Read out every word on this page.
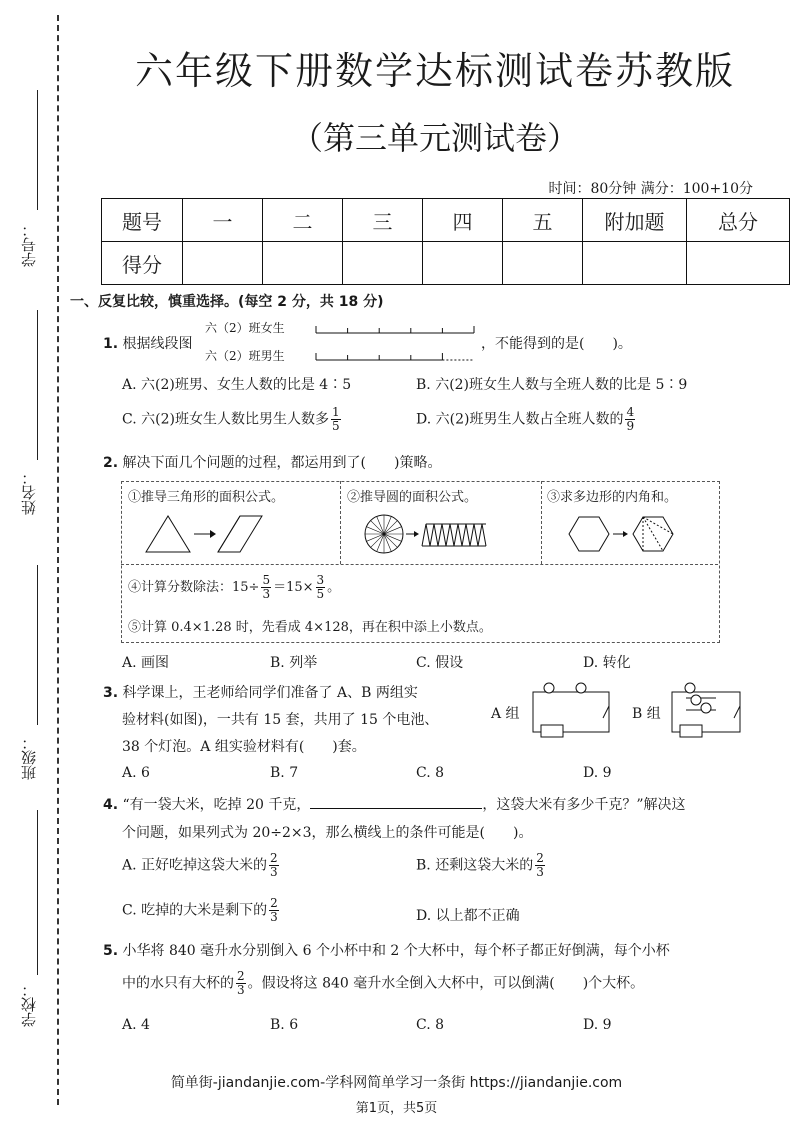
学号：
姓名：
班级：
学校：
六年级下册数学达标测试卷苏教版
（第三单元测试卷）
时间：80分钟 满分：100+10分
题号	一	二	三	四	五	附加题	总分
得分							
一、反复比较，慎重选择。(每空 2 分，共 18 分)
1. 根据线段图
六（2）班女生
六（2）班男生
，不能得到的是(　　)。
A. 六(2)班男、女生人数的比是 4∶5	B. 六(2)班女生人数与全班人数的比是 5∶9
C. 六(2)班女生人数比男生人数多 $\frac{1}{5}$	D. 六(2)班男生人数占全班人数的 $\frac{4}{9}$
2. 解决下面几个问题的过程，都运用到了(　　)策略。
①推导三角形的面积公式。	②推导圆的面积公式。	③求多边形的内角和。
④计算分数除法：$15\div \frac{5}{3} =15\times \frac{3}{5}$ 。
⑤计算 0.4×1.28 时，先看成 4×128，再在积中添上小数点。
A. 画图	B. 列举	C. 假设	D. 转化
3. 科学课上，王老师给同学们准备了 A、B 两组实
验材料(如图)，一共有 15 套，共用了 15 个电池、
38 个灯泡。A 组实验材料有(　　)套。
A 组	B 组
A. 6	B. 7	C. 8	D. 9
4. “有一袋大米，吃掉 20 千克，	，这袋大米有多少千克？”解决这
个问题，如果列式为 20÷2×3，那么横线上的条件可能是(　　)。
A. 正好吃掉这袋大米的 $\frac{2}{3}$	B. 还剩这袋大米的 $\frac{2}{3}$
C. 吃掉的大米是剩下的 $\frac{2}{3}$	D. 以上都不正确
5. 小华将 840 毫升水分别倒入 6 个小杯中和 2 个大杯中，每个杯子都正好倒满，每个小杯
中的水只有大杯的 $\frac{2}{3}$ 。假设将这 840 毫升水全倒入大杯中，可以倒满(　　)个大杯。
A. 4	B. 6	C. 8	D. 9
简单街-jiandanjie.com-学科网简单学习一条街 https://jiandanjie.com
第1页，共5页
